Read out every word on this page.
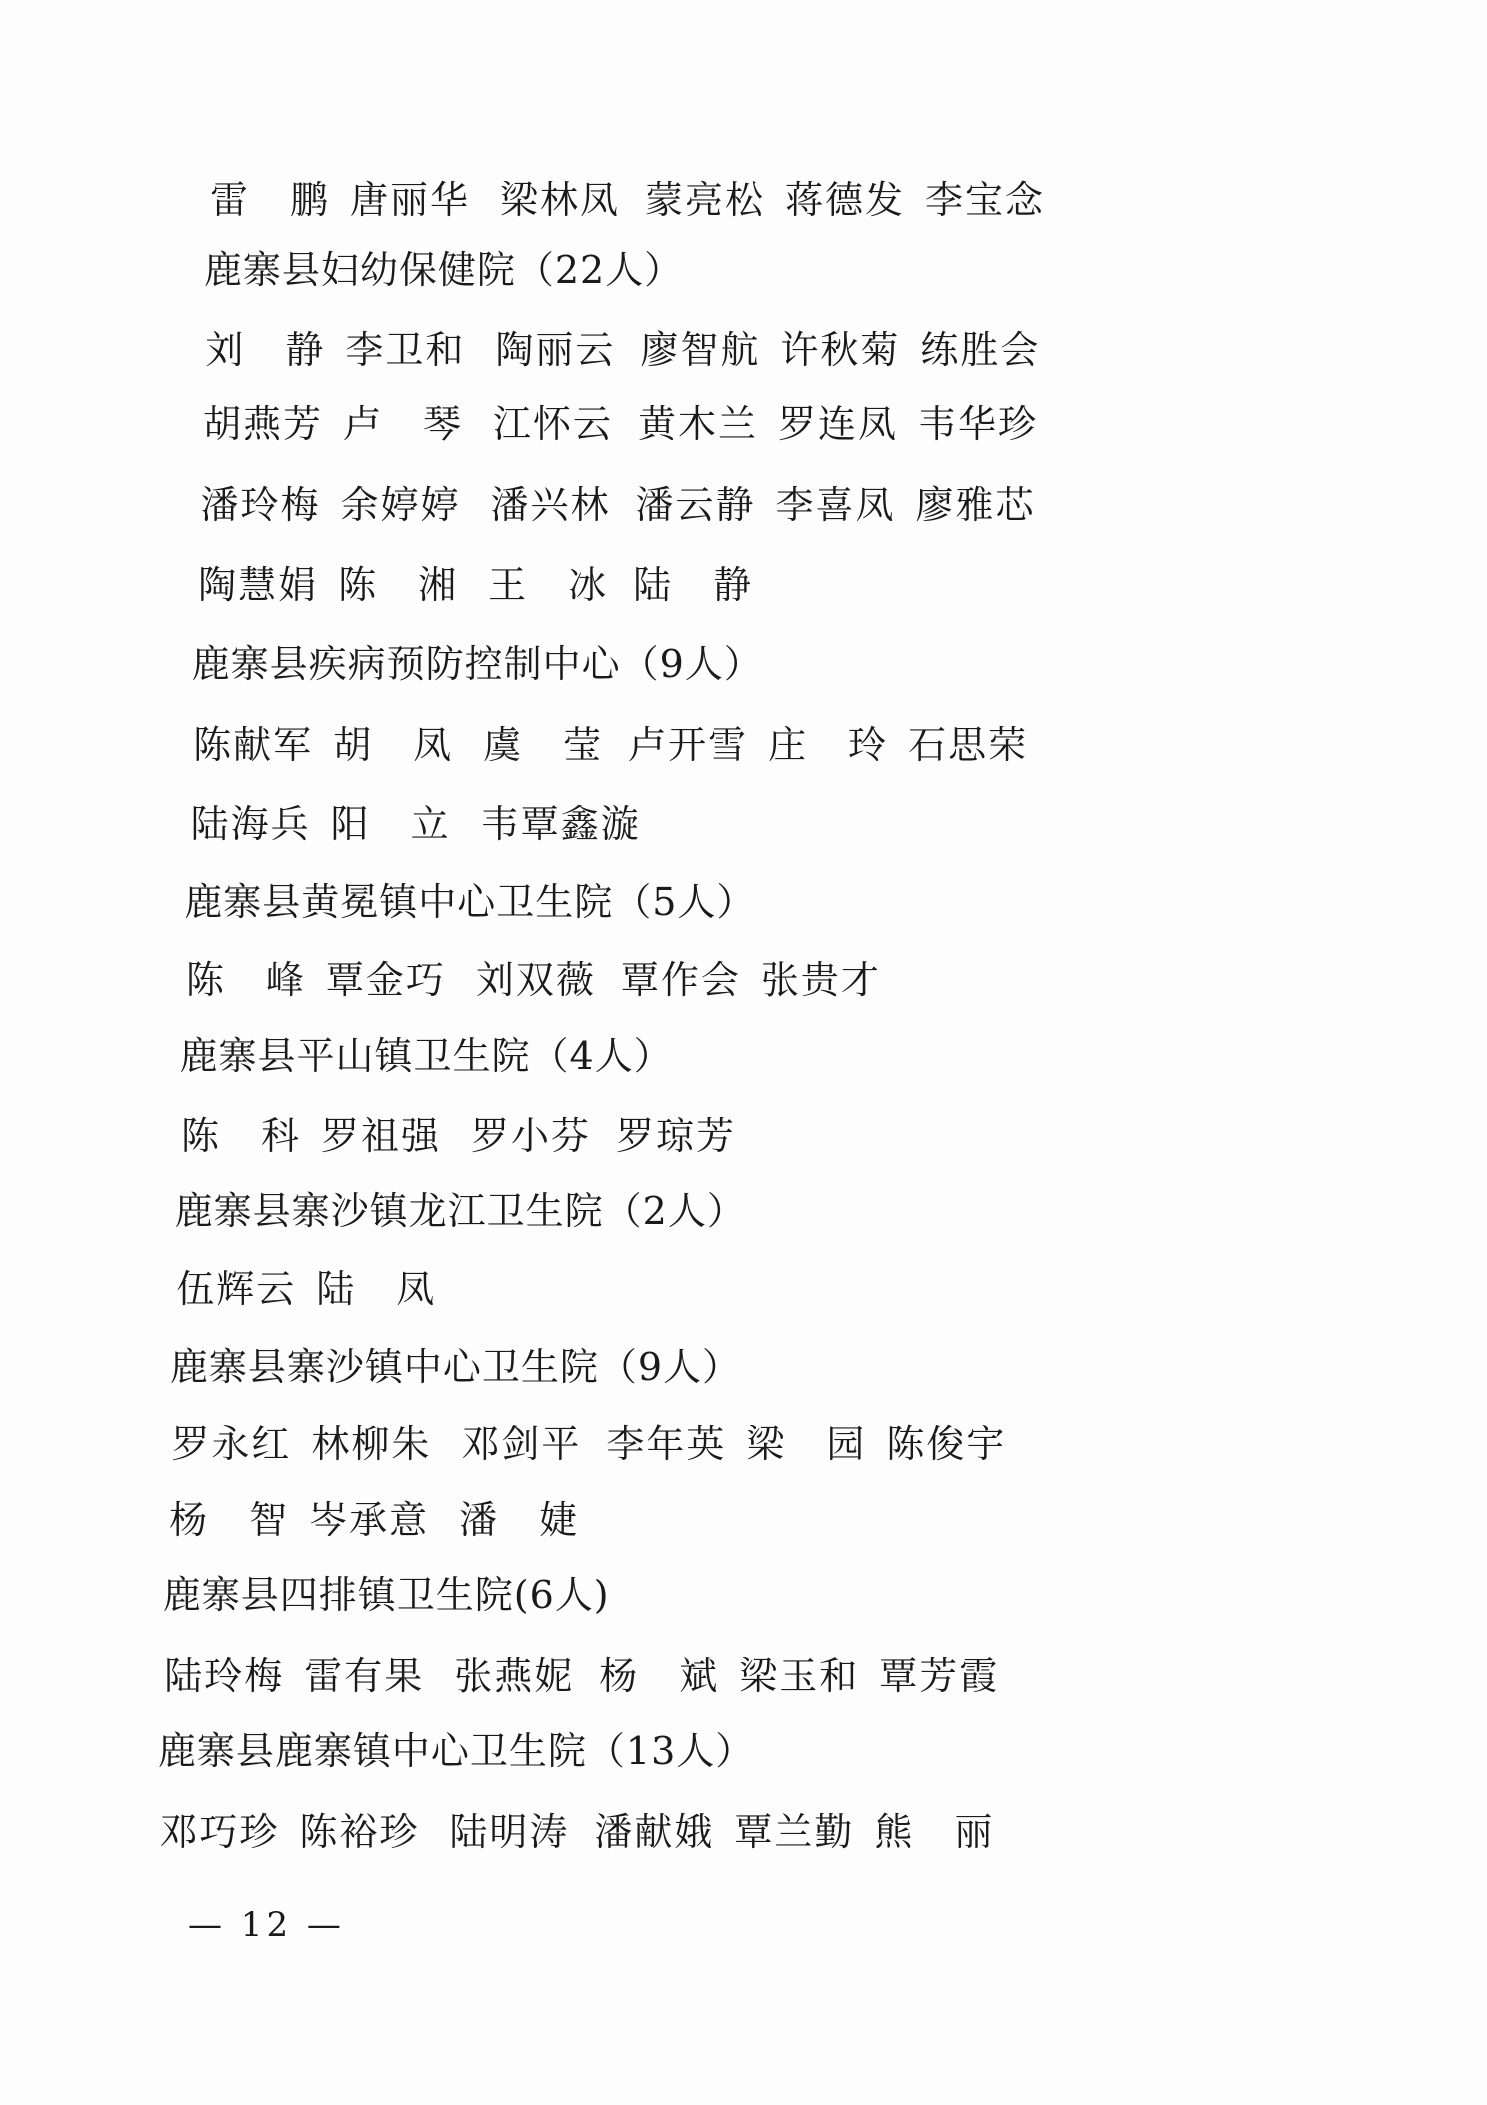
雷　鹏 唐丽华 梁林凤 蒙亮松 蒋德发 李宝念
鹿寨县妇幼保健院（22人）
刘　静 李卫和 陶丽云 廖智航 许秋菊 练胜会
胡燕芳 卢　琴 江怀云 黄木兰 罗连凤 韦华珍
潘玲梅 余婷婷 潘兴林 潘云静 李喜凤 廖雅芯
陶慧娟 陈　湘 王　冰 陆　静
鹿寨县疾病预防控制中心（9人）
陈献军 胡　凤 虞　莹 卢开雪 庄　玲 石思荣
陆海兵 阳　立 韦覃鑫漩
鹿寨县黄冕镇中心卫生院（5人）
陈　峰 覃金巧 刘双薇 覃作会 张贵才
鹿寨县平山镇卫生院（4人）
陈　科 罗祖强 罗小芬 罗琼芳
鹿寨县寨沙镇龙江卫生院（2人）
伍辉云 陆　凤
鹿寨县寨沙镇中心卫生院（9人）
罗永红 林柳朱 邓剑平 李年英 梁　园 陈俊宇
杨　智 岑承意 潘　婕
鹿寨县四排镇卫生院(6人)
陆玲梅 雷有果 张燕妮 杨　斌 梁玉和 覃芳霞
鹿寨县鹿寨镇中心卫生院（13人）
邓巧珍 陈裕珍 陆明涛 潘献娥 覃兰勤 熊　丽
— 12 —
